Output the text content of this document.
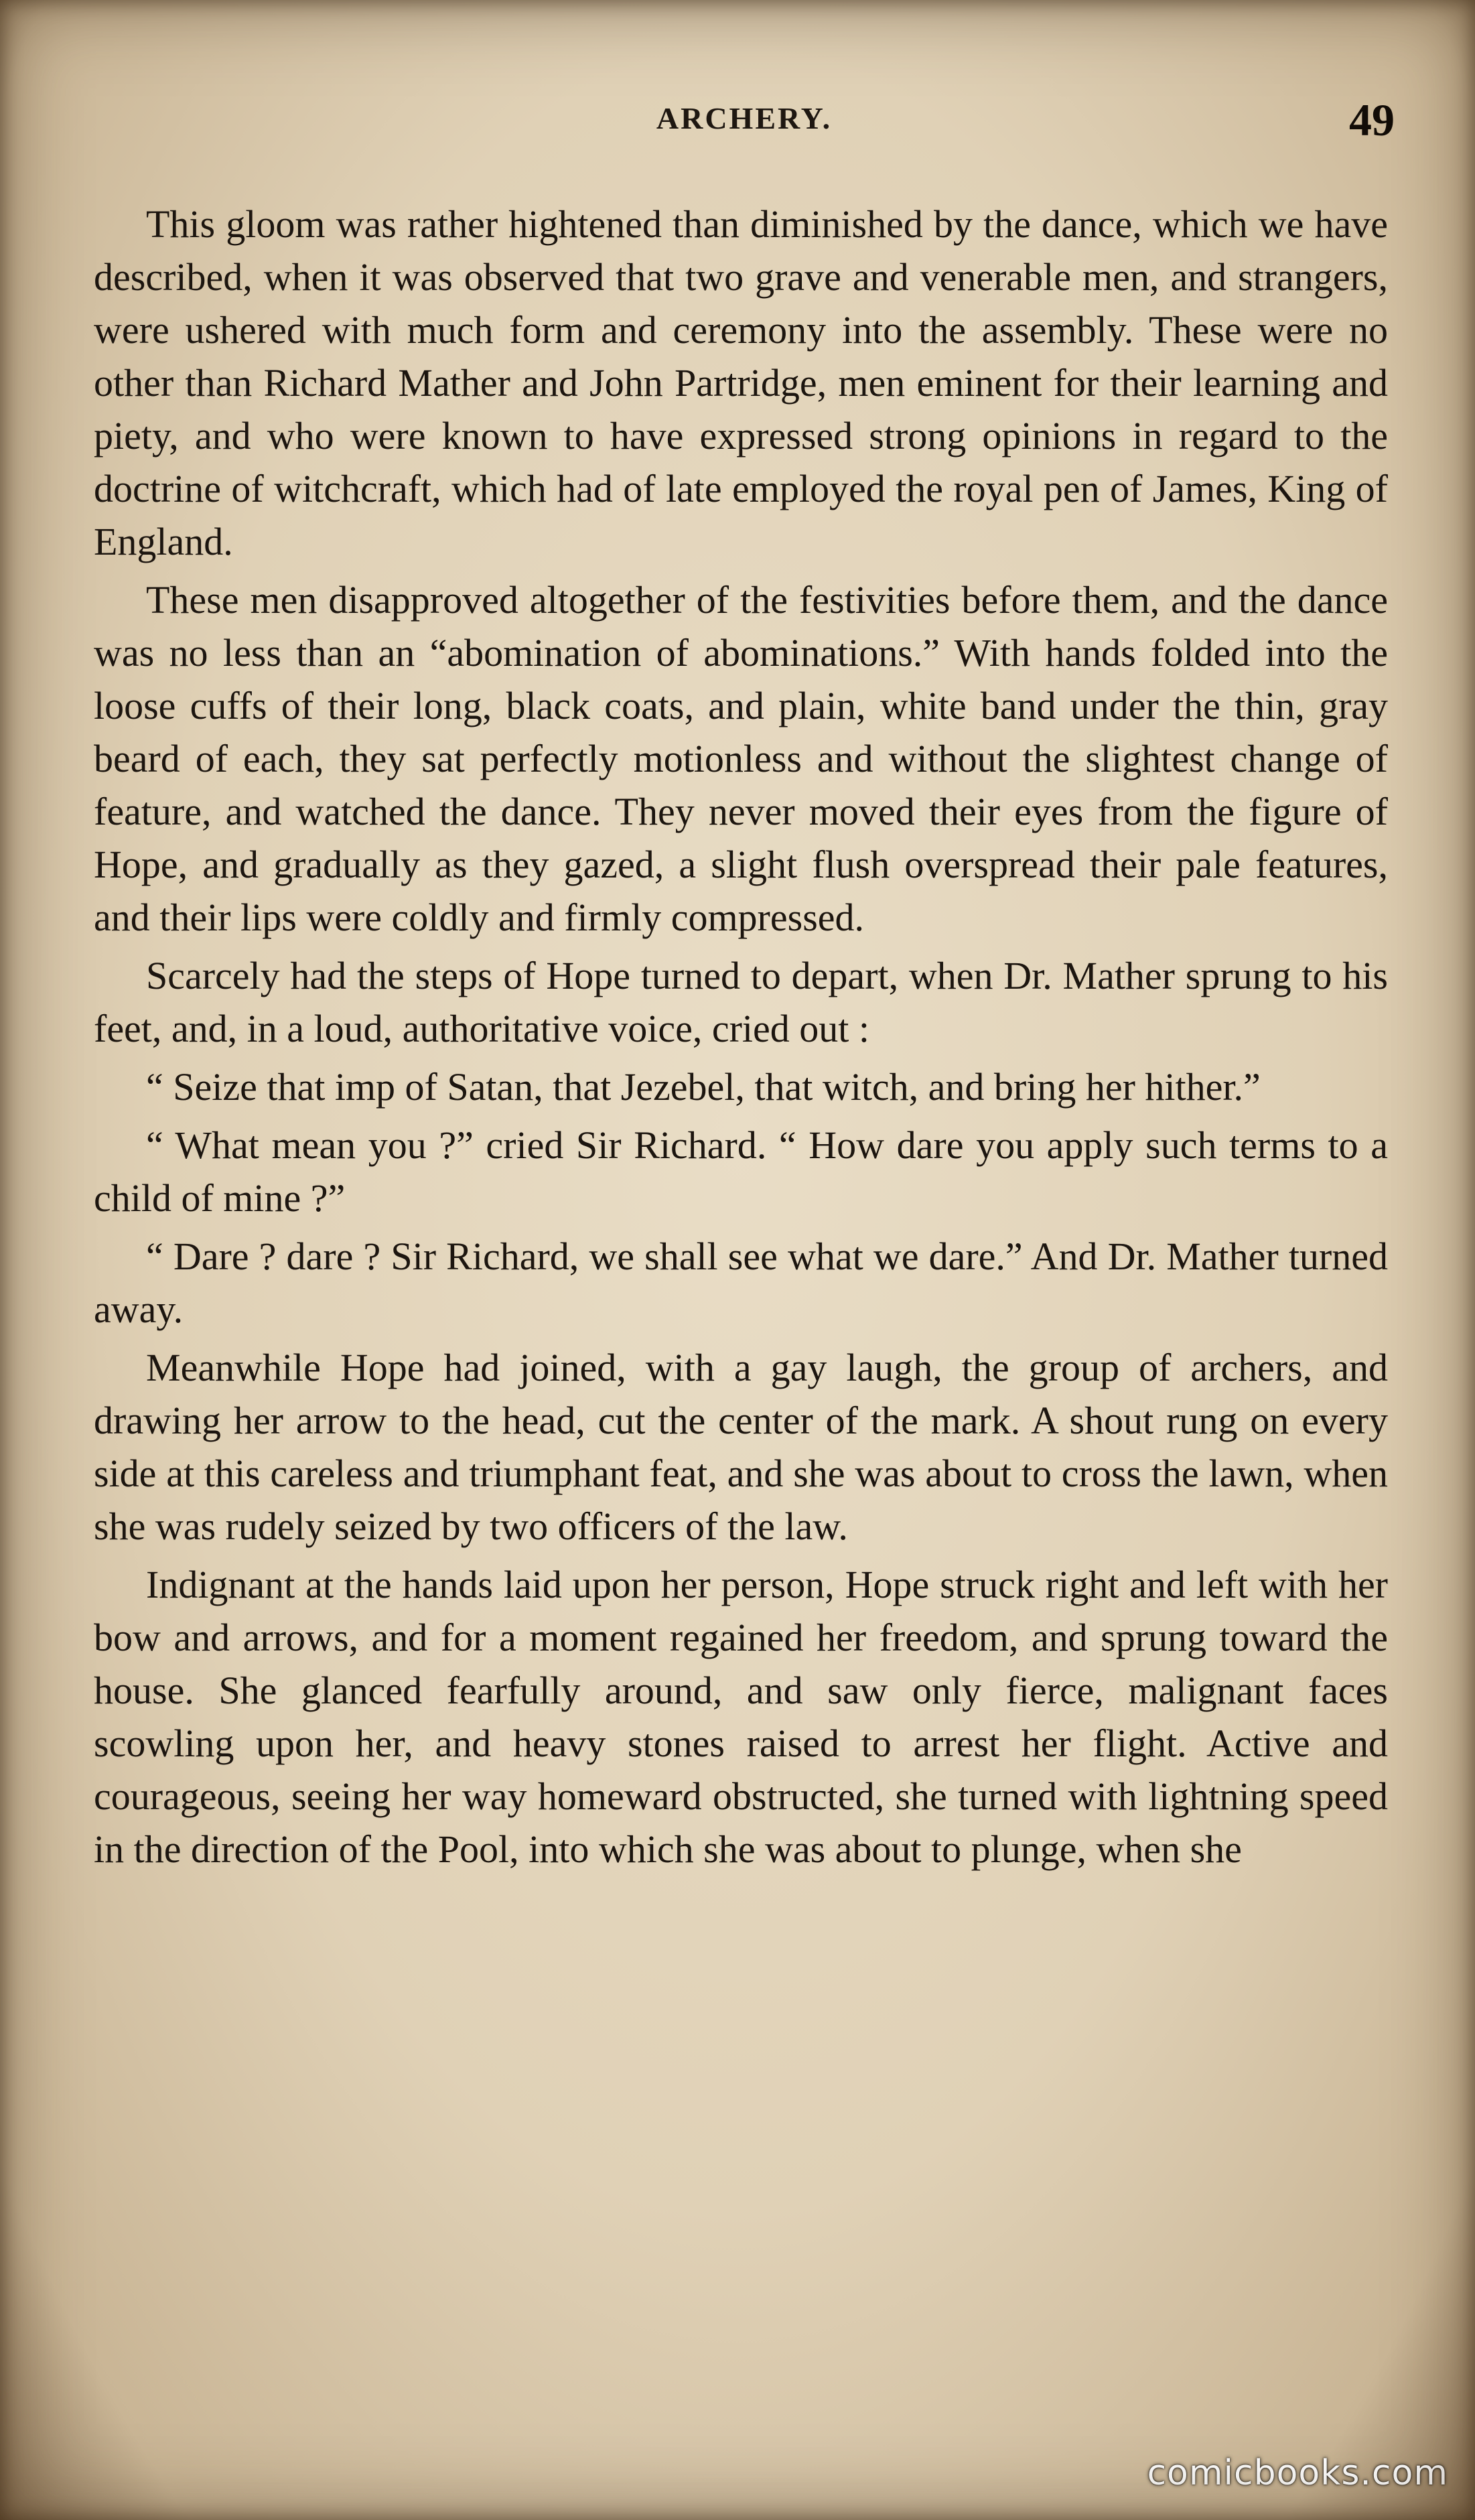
ARCHERY.	49

This gloom was rather hightened than diminished by the dance, which we have described, when it was observed that two grave and venerable men, and strangers, were ushered with much form and ceremony into the assembly. These were no other than Richard Mather and John Partridge, men eminent for their learning and piety, and who were known to have expressed strong opinions in regard to the doctrine of witchcraft, which had of late employed the royal pen of James, King of England.

These men disapproved altogether of the festivities before them, and the dance was no less than an “abomination of abominations.” With hands folded into the loose cuffs of their long, black coats, and plain, white band under the thin, gray beard of each, they sat perfectly motionless and without the slightest change of feature, and watched the dance. They never moved their eyes from the figure of Hope, and gradually as they gazed, a slight flush overspread their pale features, and their lips were coldly and firmly compressed.

Scarcely had the steps of Hope turned to depart, when Dr. Mather sprung to his feet, and, in a loud, authoritative voice, cried out :

“ Seize that imp of Satan, that Jezebel, that witch, and bring her hither.”

“ What mean you ?” cried Sir Richard. “ How dare you apply such terms to a child of mine ?”

“ Dare ? dare ? Sir Richard, we shall see what we dare.” And Dr. Mather turned away.

Meanwhile Hope had joined, with a gay laugh, the group of archers, and drawing her arrow to the head, cut the center of the mark. A shout rung on every side at this careless and triumphant feat, and she was about to cross the lawn, when she was rudely seized by two officers of the law.

Indignant at the hands laid upon her person, Hope struck right and left with her bow and arrows, and for a moment regained her freedom, and sprung toward the house. She glanced fearfully around, and saw only fierce, malignant faces scowling upon her, and heavy stones raised to arrest her flight. Active and courageous, seeing her way homeward obstructed, she turned with lightning speed in the direction of the Pool, into which she was about to plunge, when she

comicbooks.com
